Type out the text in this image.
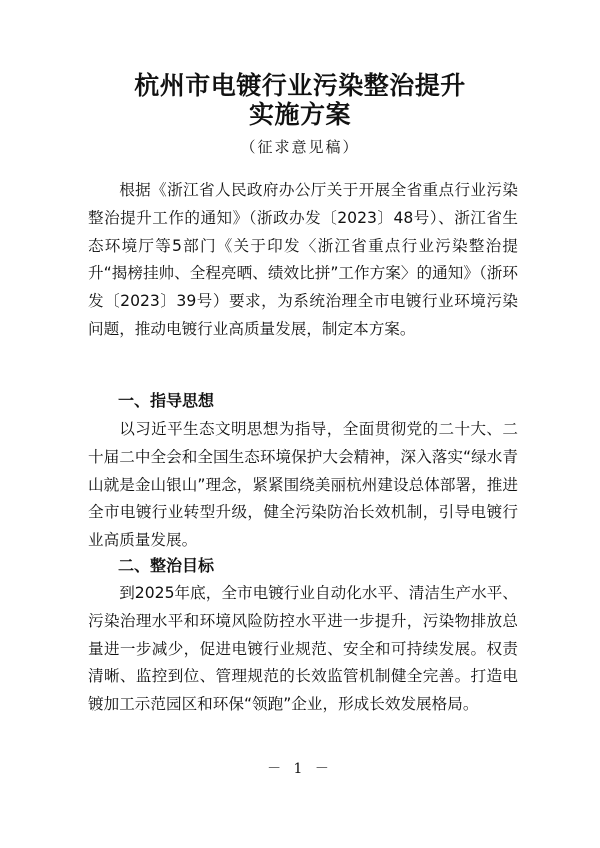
杭州市电镀行业污染整治提升
实施方案
（征求意见稿）

根据《浙江省人民政府办公厅关于开展全省重点行业污染整治提升工作的通知》（浙政办发〔2023〕48号）、浙江省生态环境厅等5部门《关于印发〈浙江省重点行业污染整治提升“揭榜挂帅、全程亮晒、绩效比拼”工作方案〉的通知》（浙环发〔2023〕39号）要求，为系统治理全市电镀行业环境污染问题，推动电镀行业高质量发展，制定本方案。

一、指导思想

以习近平生态文明思想为指导，全面贯彻党的二十大、二十届二中全会和全国生态环境保护大会精神，深入落实“绿水青山就是金山银山”理念，紧紧围绕美丽杭州建设总体部署，推进全市电镀行业转型升级，健全污染防治长效机制，引导电镀行业高质量发展。

二、整治目标

到2025年底，全市电镀行业自动化水平、清洁生产水平、污染治理水平和环境风险防控水平进一步提升，污染物排放总量进一步减少，促进电镀行业规范、安全和可持续发展。权责清晰、监控到位、管理规范的长效监管机制健全完善。打造电镀加工示范园区和环保“领跑”企业，形成长效发展格局。

－ 1 －
